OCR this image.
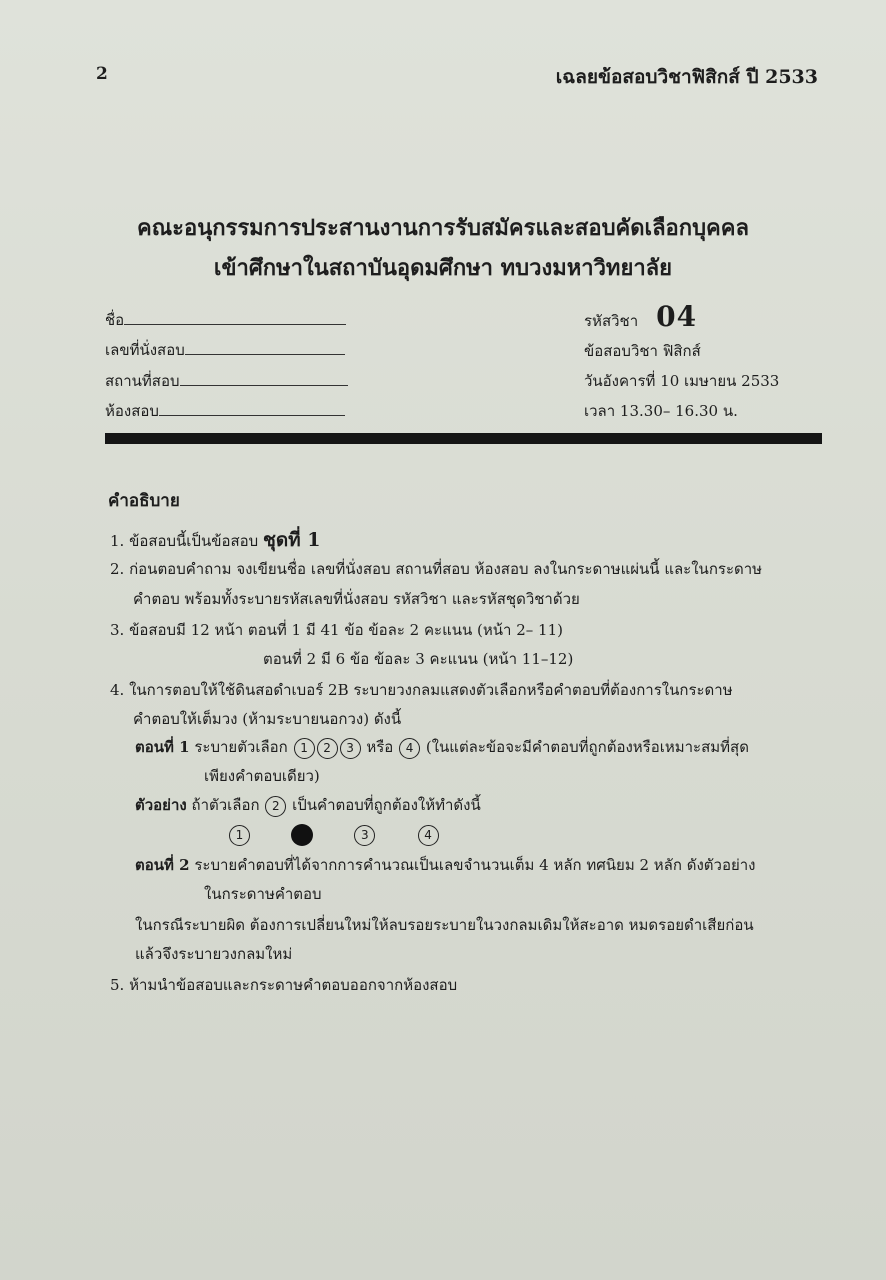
2	เฉลยข้อสอบวิชาฟิสิกส์ ปี 2533
คณะอนุกรรมการประสานงานการรับสมัครและสอบคัดเลือกบุคคล
เข้าศึกษาในสถาบันอุดมศึกษา ทบวงมหาวิทยาลัย
ชื่อ
เลขที่นั่งสอบ
สถานที่สอบ
ห้องสอบ
รหัสวิชา 04
ข้อสอบวิชา ฟิสิกส์
วันอังคารที่ 10 เมษายน 2533
เวลา 13.30– 16.30 น.
คำอธิบาย
1. ข้อสอบนี้เป็นข้อสอบ ชุดที่ 1
2. ก่อนตอบคำถาม จงเขียนชื่อ เลขที่นั่งสอบ สถานที่สอบ ห้องสอบ ลงในกระดาษแผ่นนี้ และในกระดาษ
คำตอบ พร้อมทั้งระบายรหัสเลขที่นั่งสอบ รหัสวิชา และรหัสชุดวิชาด้วย
3. ข้อสอบมี 12 หน้า ตอนที่ 1 มี 41 ข้อ ข้อละ 2 คะแนน (หน้า 2– 11)
ตอนที่ 2 มี 6 ข้อ ข้อละ 3 คะแนน (หน้า 11–12)
4. ในการตอบให้ใช้ดินสอดำเบอร์ 2B ระบายวงกลมแสดงตัวเลือกหรือคำตอบที่ต้องการในกระดาษ
คำตอบให้เต็มวง (ห้ามระบายนอกวง) ดังนี้
ตอนที่ 1 ระบายตัวเลือก 1 2 3 หรือ 4 (ในแต่ละข้อจะมีคำตอบที่ถูกต้องหรือเหมาะสมที่สุด
เพียงคำตอบเดียว)
ตัวอย่าง ถ้าตัวเลือก 2 เป็นคำตอบที่ถูกต้องให้ทำดังนี้
1	3	4
ตอนที่ 2 ระบายคำตอบที่ได้จากการคำนวณเป็นเลขจำนวนเต็ม 4 หลัก ทศนิยม 2 หลัก ดังตัวอย่าง
ในกระดาษคำตอบ
ในกรณีระบายผิด ต้องการเปลี่ยนใหม่ให้ลบรอยระบายในวงกลมเดิมให้สะอาด หมดรอยดำเสียก่อน
แล้วจึงระบายวงกลมใหม่
5. ห้ามนำข้อสอบและกระดาษคำตอบออกจากห้องสอบ
